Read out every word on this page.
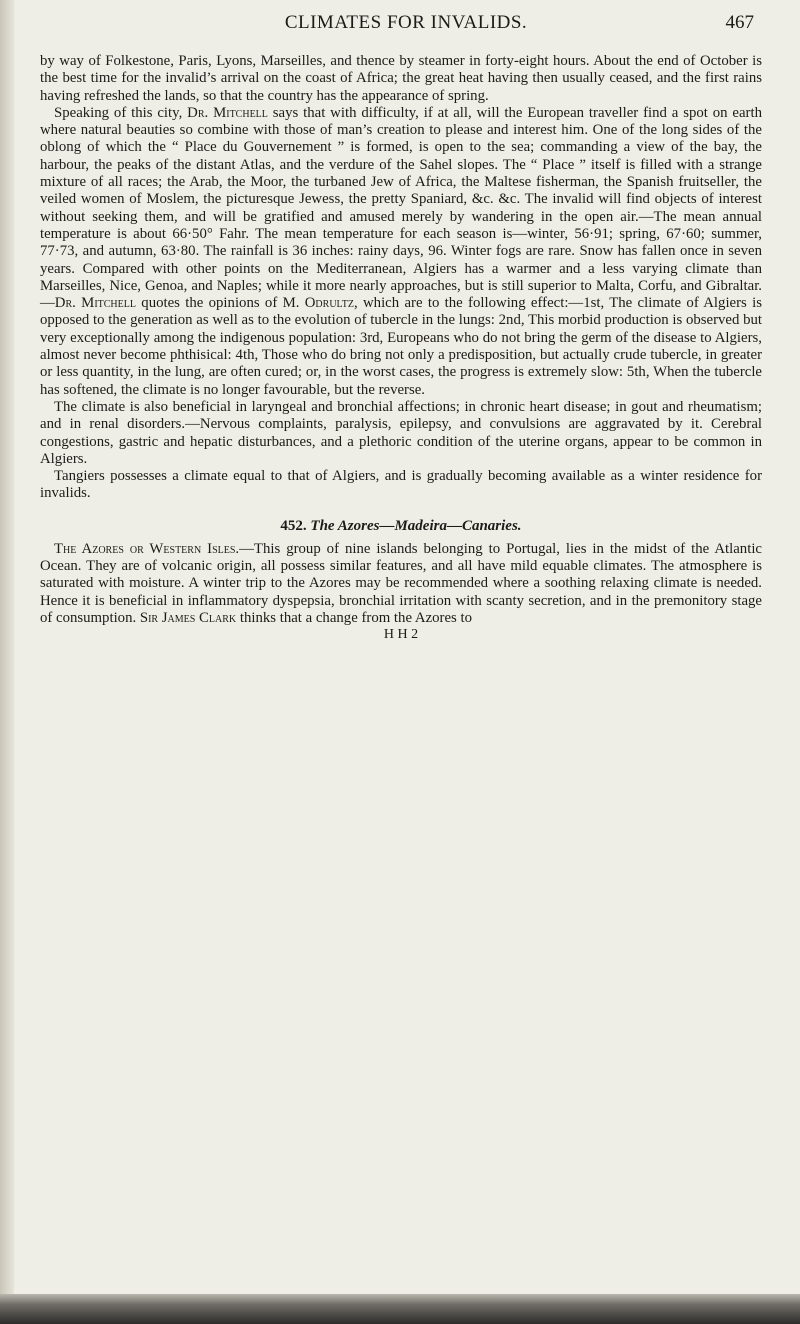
CLIMATES FOR INVALIDS.	467

by way of Folkestone, Paris, Lyons, Marseilles, and thence by steamer in forty-eight hours. About the end of October is the best time for the invalid’s arrival on the coast of Africa; the great heat having then usually ceased, and the first rains having refreshed the lands, so that the country has the appearance of spring.

Speaking of this city, Dr. Mitchell says that with difficulty, if at all, will the European traveller find a spot on earth where natural beauties so combine with those of man’s creation to please and interest him. One of the long sides of the oblong of which the “ Place du Gouvernement ” is formed, is open to the sea; commanding a view of the bay, the harbour, the peaks of the distant Atlas, and the verdure of the Sahel slopes. The “ Place ” itself is filled with a strange mixture of all races; the Arab, the Moor, the turbaned Jew of Africa, the Maltese fisherman, the Spanish fruitseller, the veiled women of Moslem, the picturesque Jewess, the pretty Spaniard, &c. &c. The invalid will find objects of interest without seeking them, and will be gratified and amused merely by wandering in the open air.—The mean annual temperature is about 66·50° Fahr. The mean temperature for each season is—winter, 56·91; spring, 67·60; summer, 77·73, and autumn, 63·80. The rainfall is 36 inches: rainy days, 96. Winter fogs are rare. Snow has fallen once in seven years. Compared with other points on the Mediterranean, Algiers has a warmer and a less varying climate than Marseilles, Nice, Genoa, and Naples; while it more nearly approaches, but is still superior to Malta, Corfu, and Gibraltar.—Dr. Mitchell quotes the opinions of M. Odrultz, which are to the following effect:—1st, The climate of Algiers is opposed to the generation as well as to the evolution of tubercle in the lungs: 2nd, This morbid production is observed but very exceptionally among the indigenous population: 3rd, Europeans who do not bring the germ of the disease to Algiers, almost never become phthisical: 4th, Those who do bring not only a predisposition, but actually crude tubercle, in greater or less quantity, in the lung, are often cured; or, in the worst cases, the progress is extremely slow: 5th, When the tubercle has softened, the climate is no longer favourable, but the reverse.

The climate is also beneficial in laryngeal and bronchial affections; in chronic heart disease; in gout and rheumatism; and in renal disorders.—Nervous complaints, paralysis, epilepsy, and convulsions are aggravated by it. Cerebral congestions, gastric and hepatic disturbances, and a plethoric condition of the uterine organs, appear to be common in Algiers.

Tangiers possesses a climate equal to that of Algiers, and is gradually becoming available as a winter residence for invalids.

452. The Azores—Madeira—Canaries.

The Azores or Western Isles.—This group of nine islands belonging to Portugal, lies in the midst of the Atlantic Ocean. They are of volcanic origin, all possess similar features, and all have mild equable climates. The atmosphere is saturated with moisture. A winter trip to the Azores may be recommended where a soothing relaxing climate is needed. Hence it is beneficial in inflammatory dyspepsia, bronchial irritation with scanty secretion, and in the premonitory stage of consumption. Sir James Clark thinks that a change from the Azores to

H H 2
